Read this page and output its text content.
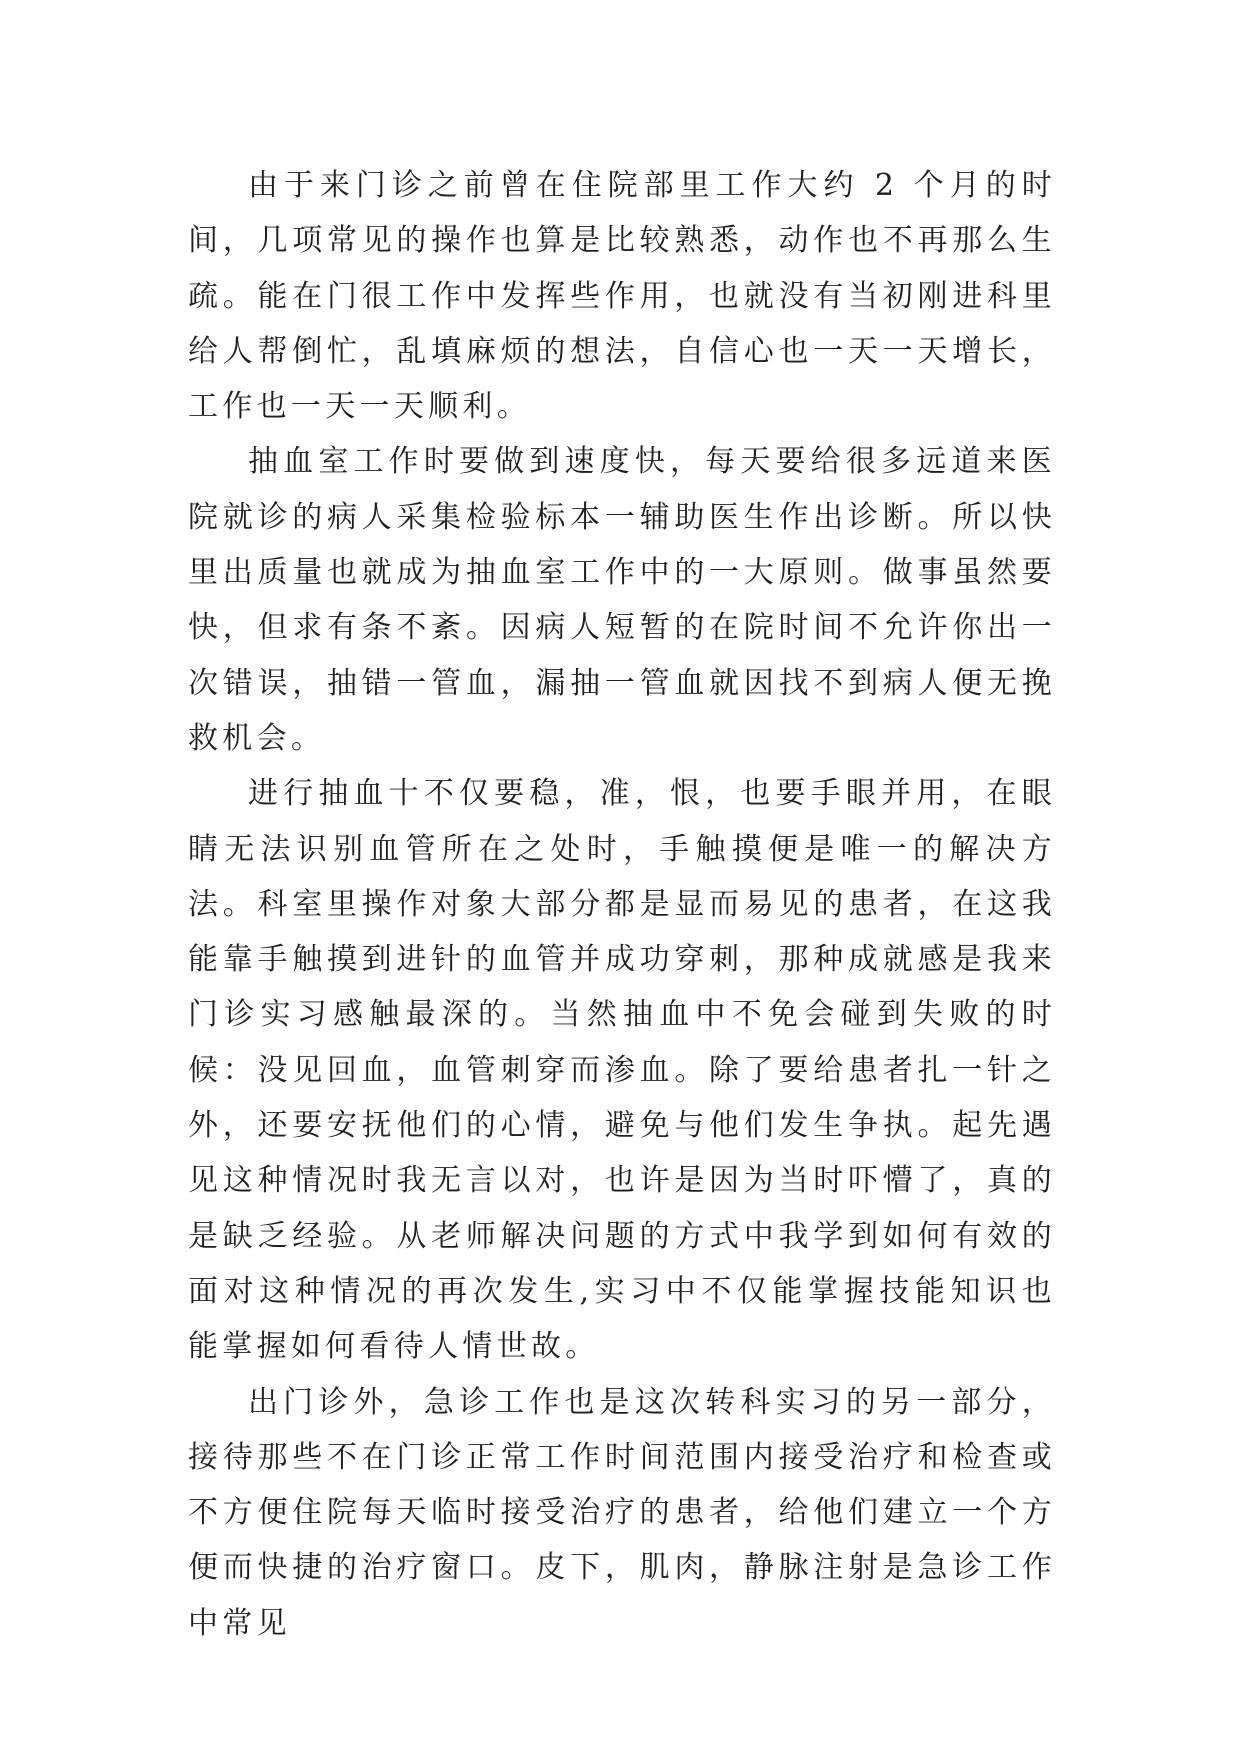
由于来门诊之前曾在住院部里工作大约 2 个月的时间，几项常见的操作也算是比较熟悉，动作也不再那么生疏。能在门很工作中发挥些作用，也就没有当初刚进科里给人帮倒忙，乱填麻烦的想法，自信心也一天一天增长，工作也一天一天顺利。

抽血室工作时要做到速度快，每天要给很多远道来医院就诊的病人采集检验标本一辅助医生作出诊断。所以快里出质量也就成为抽血室工作中的一大原则。做事虽然要快，但求有条不紊。因病人短暂的在院时间不允许你出一次错误，抽错一管血，漏抽一管血就因找不到病人便无挽救机会。

进行抽血十不仅要稳，准，恨，也要手眼并用，在眼睛无法识别血管所在之处时，手触摸便是唯一的解决方法。科室里操作对象大部分都是显而易见的患者，在这我能靠手触摸到进针的血管并成功穿刺，那种成就感是我来门诊实习感触最深的。当然抽血中不免会碰到失败的时候：没见回血，血管刺穿而渗血。除了要给患者扎一针之外，还要安抚他们的心情，避免与他们发生争执。起先遇见这种情况时我无言以对，也许是因为当时吓懵了，真的是缺乏经验。从老师解决问题的方式中我学到如何有效的面对这种情况的再次发生,实习中不仅能掌握技能知识也能掌握如何看待人情世故。

出门诊外，急诊工作也是这次转科实习的另一部分，接待那些不在门诊正常工作时间范围内接受治疗和检查或不方便住院每天临时接受治疗的患者，给他们建立一个方便而快捷的治疗窗口。皮下，肌肉，静脉注射是急诊工作中常见
